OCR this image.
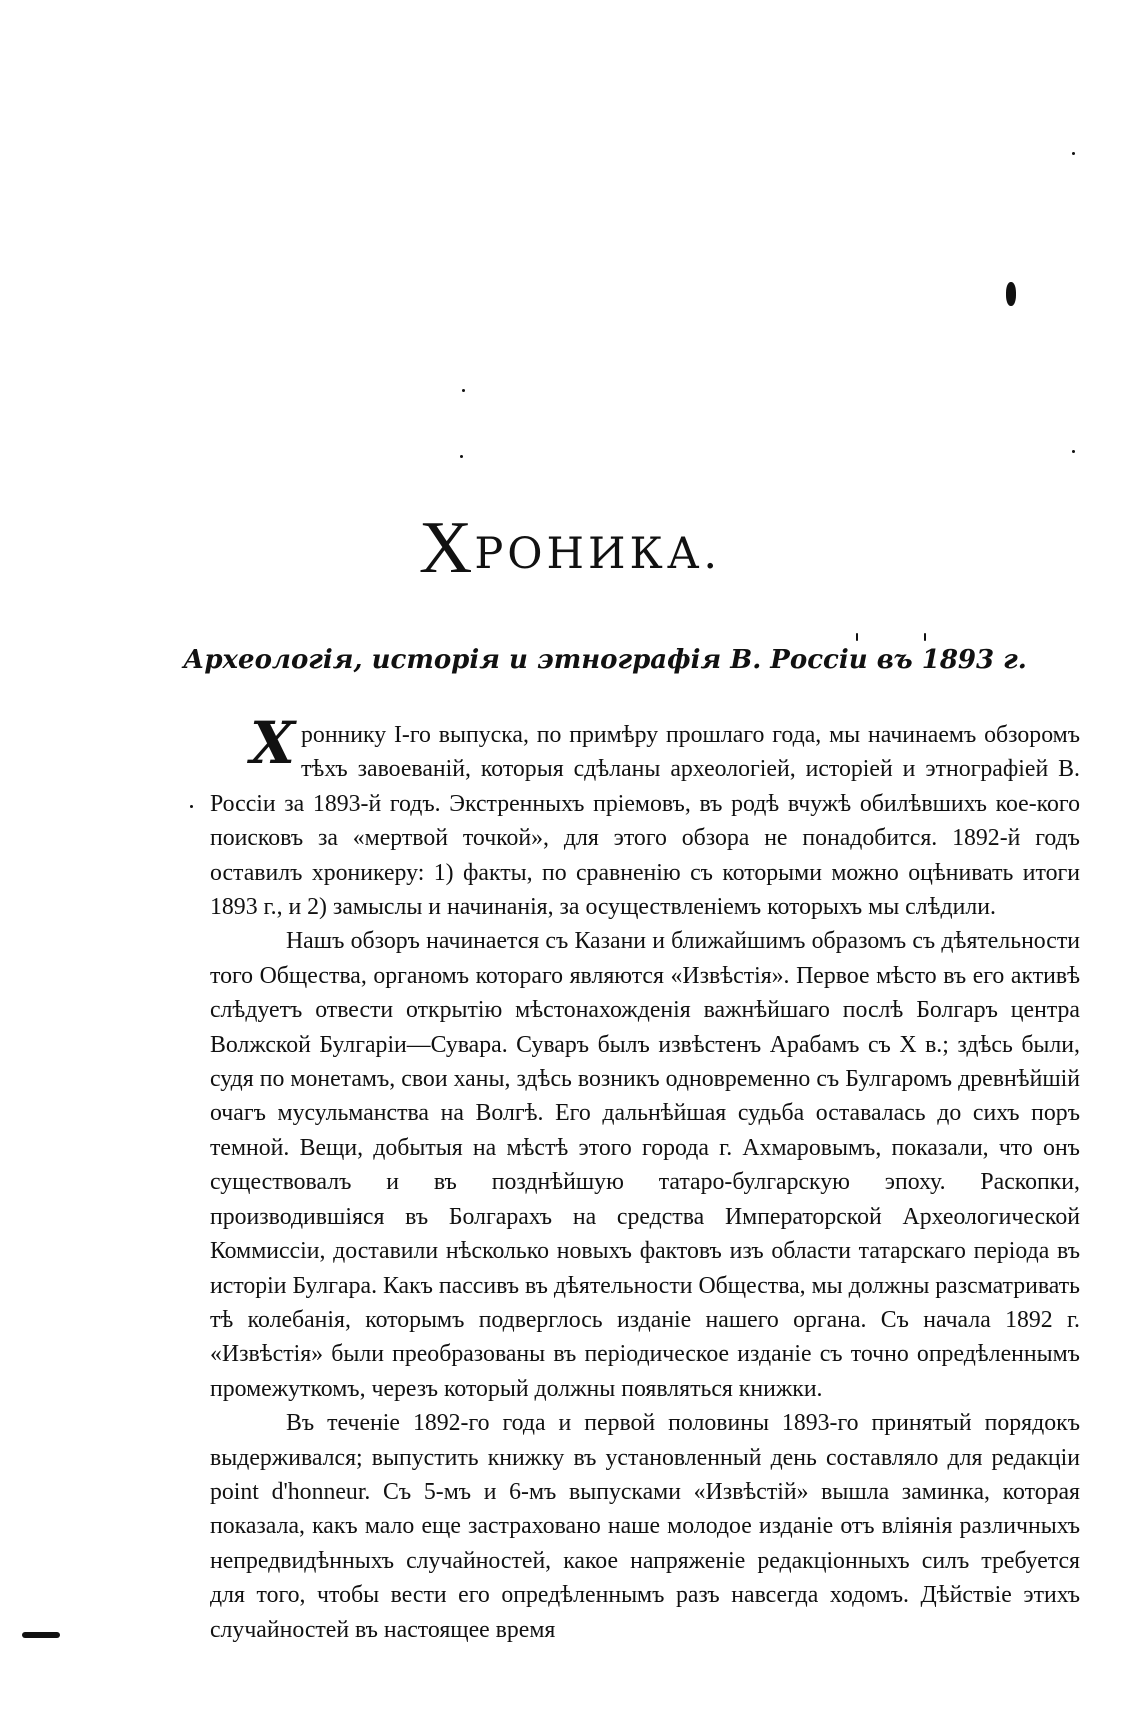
ХРОНИКА.
Археологія, исторія и этнографія В. Россіи въ 1893 г.

Хроннику I-го выпуска, по примѣру прошлаго года, мы начинаемъ обзоромъ тѣхъ завоеваній, которыя сдѣланы археологіей, исторіей и этнографіей В. Россіи за 1893-й годъ. Экстренныхъ пріемовъ, въ родѣ вчужѣ обилѣвшихъ кое-кого поисковъ за «мертвой точкой», для этого обзора не понадобится. 1892-й годъ оставилъ хроникеру: 1) факты, по сравненію съ которыми можно оцѣнивать итоги 1893 г., и 2) замыслы и начинанія, за осуществленіемъ которыхъ мы слѣдили.

Нашъ обзоръ начинается съ Казани и ближайшимъ образомъ съ дѣятельности того Общества, органомъ котораго являются «Извѣстія». Первое мѣсто въ его активѣ слѣдуетъ отвести открытію мѣстонахожденія важнѣйшаго послѣ Болгаръ центра Волжской Булгаріи—Сувара. Суваръ былъ извѣстенъ Арабамъ съ X в.; здѣсь были, судя по монетамъ, свои ханы, здѣсь возникъ одновременно съ Булгаромъ древнѣйшій очагъ мусульманства на Волгѣ. Его дальнѣйшая судьба оставалась до сихъ поръ темной. Вещи, добытыя на мѣстѣ этого города г. Ахмаровымъ, показали, что онъ существовалъ и въ позднѣйшую татаро-булгарскую эпоху. Раскопки, производившіяся въ Болгарахъ на средства Императорской Археологической Коммиссіи, доставили нѣсколько новыхъ фактовъ изъ области татарскаго періода въ исторіи Булгара. Какъ пассивъ въ дѣятельности Общества, мы должны разсматривать тѣ колебанія, которымъ подверглось изданіе нашего органа. Съ начала 1892 г. «Извѣстія» были преобразованы въ періодическое изданіе съ точно опредѣленнымъ промежуткомъ, черезъ который должны появляться книжки.

Въ теченіе 1892-го года и первой половины 1893-го принятый порядокъ выдерживался; выпустить книжку въ установленный день составляло для редакціи point d'honneur. Съ 5-мъ и 6-мъ выпусками «Извѣстій» вышла заминка, которая показала, какъ мало еще застраховано наше молодое изданіе отъ вліянія различныхъ непредвидѣнныхъ случайностей, какое напряженіе редакціонныхъ силъ требуется для того, чтобы вести его опредѣленнымъ разъ навсегда ходомъ. Дѣйствіе этихъ случайностей въ настоящее время
